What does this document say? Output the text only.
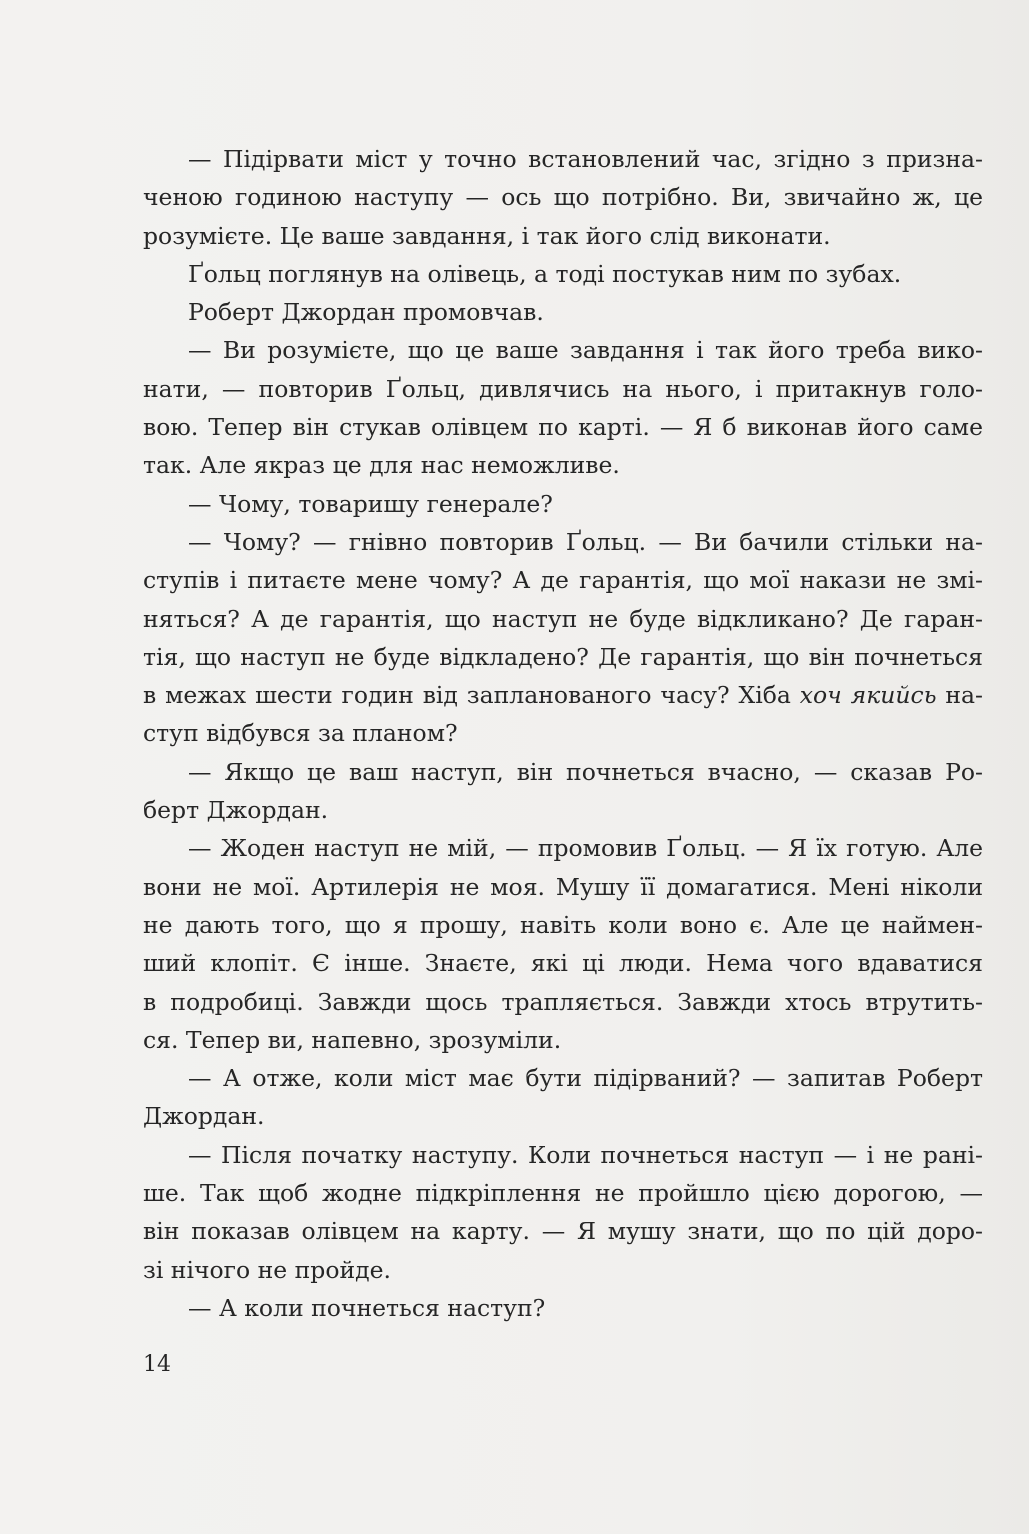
— Підірвати міст у точно встановлений час, згідно з призна-
ченою годиною наступу — ось що потрібно. Ви, звичайно ж, це
розумієте. Це ваше завдання, і так його слід виконати.
Ґольц поглянув на олівець, а тоді постукав ним по зубах.
Роберт Джордан промовчав.
— Ви розумієте, що це ваше завдання і так його треба вико-
нати, — повторив Ґольц, дивлячись на нього, і притакнув голо-
вою. Тепер він стукав олівцем по карті. — Я б виконав його саме
так. Але якраз це для нас неможливе.
— Чому, товаришу генерале?
— Чому? — гнівно повторив Ґольц. — Ви бачили стільки на-
ступів і питаєте мене чому? А де гарантія, що мої накази не змі-
няться? А де гарантія, що наступ не буде відкликано? Де гаран-
тія, що наступ не буде відкладено? Де гарантія, що він почнеться
в межах шести годин від запланованого часу? Хіба хоч якийсь на-
ступ відбувся за планом?
— Якщо це ваш наступ, він почнеться вчасно, — сказав Ро-
берт Джордан.
— Жоден наступ не мій, — промовив Ґольц. — Я їх готую. Але
вони не мої. Артилерія не моя. Мушу її домагатися. Мені ніколи
не дають того, що я прошу, навіть коли воно є. Але це наймен-
ший клопіт. Є інше. Знаєте, які ці люди. Нема чого вдаватися
в подробиці. Завжди щось трапляється. Завжди хтось втрутить-
ся. Тепер ви, напевно, зрозуміли.
— А отже, коли міст має бути підірваний? — запитав Роберт
Джордан.
— Після початку наступу. Коли почнеться наступ — і не рані-
ше. Так щоб жодне підкріплення не пройшло цією дорогою, —
він показав олівцем на карту. — Я мушу знати, що по цій доро-
зі нічого не пройде.
— А коли почнеться наступ?
14
